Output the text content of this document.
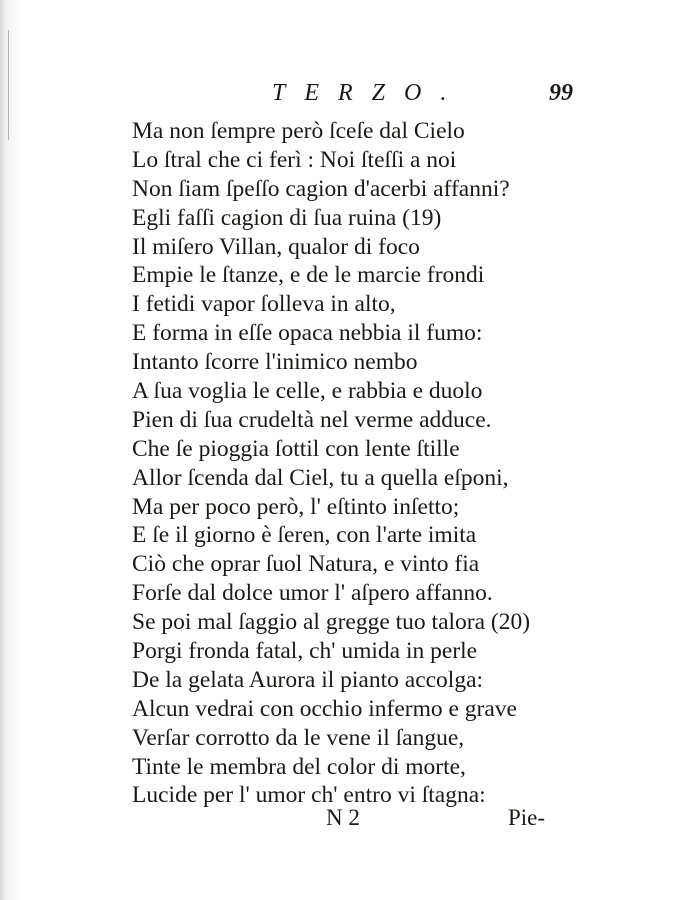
TERZO.	99
Ma non ſempre però ſceſe dal Cielo
Lo ſtral che ci ferì : Noi ſteſſi a noi
Non ſiam ſpeſſo cagion d'acerbi affanni?
Egli faſſi cagion di ſua ruina (19)
Il miſero Villan, qualor di foco
Empie le ſtanze, e de le marcie frondi
I fetidi vapor ſolleva in alto,
E forma in eſſe opaca nebbia il fumo:
Intanto ſcorre l'inimico nembo
A ſua voglia le celle, e rabbia e duolo
Pien di ſua crudeltà nel verme adduce.
Che ſe pioggia ſottil con lente ſtille
Allor ſcenda dal Ciel, tu a quella eſponi,
Ma per poco però, l' eſtinto inſetto;
E ſe il giorno è ſeren, con l'arte imita
Ciò che oprar ſuol Natura, e vinto fia
Forſe dal dolce umor l' aſpero affanno.
Se poi mal ſaggio al gregge tuo talora (20)
Porgi fronda fatal, ch' umida in perle
De la gelata Aurora il pianto accolga:
Alcun vedrai con occhio infermo e grave
Verſar corrotto da le vene il ſangue,
Tinte le membra del color di morte,
Lucide per l' umor ch' entro vi ſtagna:
N 2	Pie-
